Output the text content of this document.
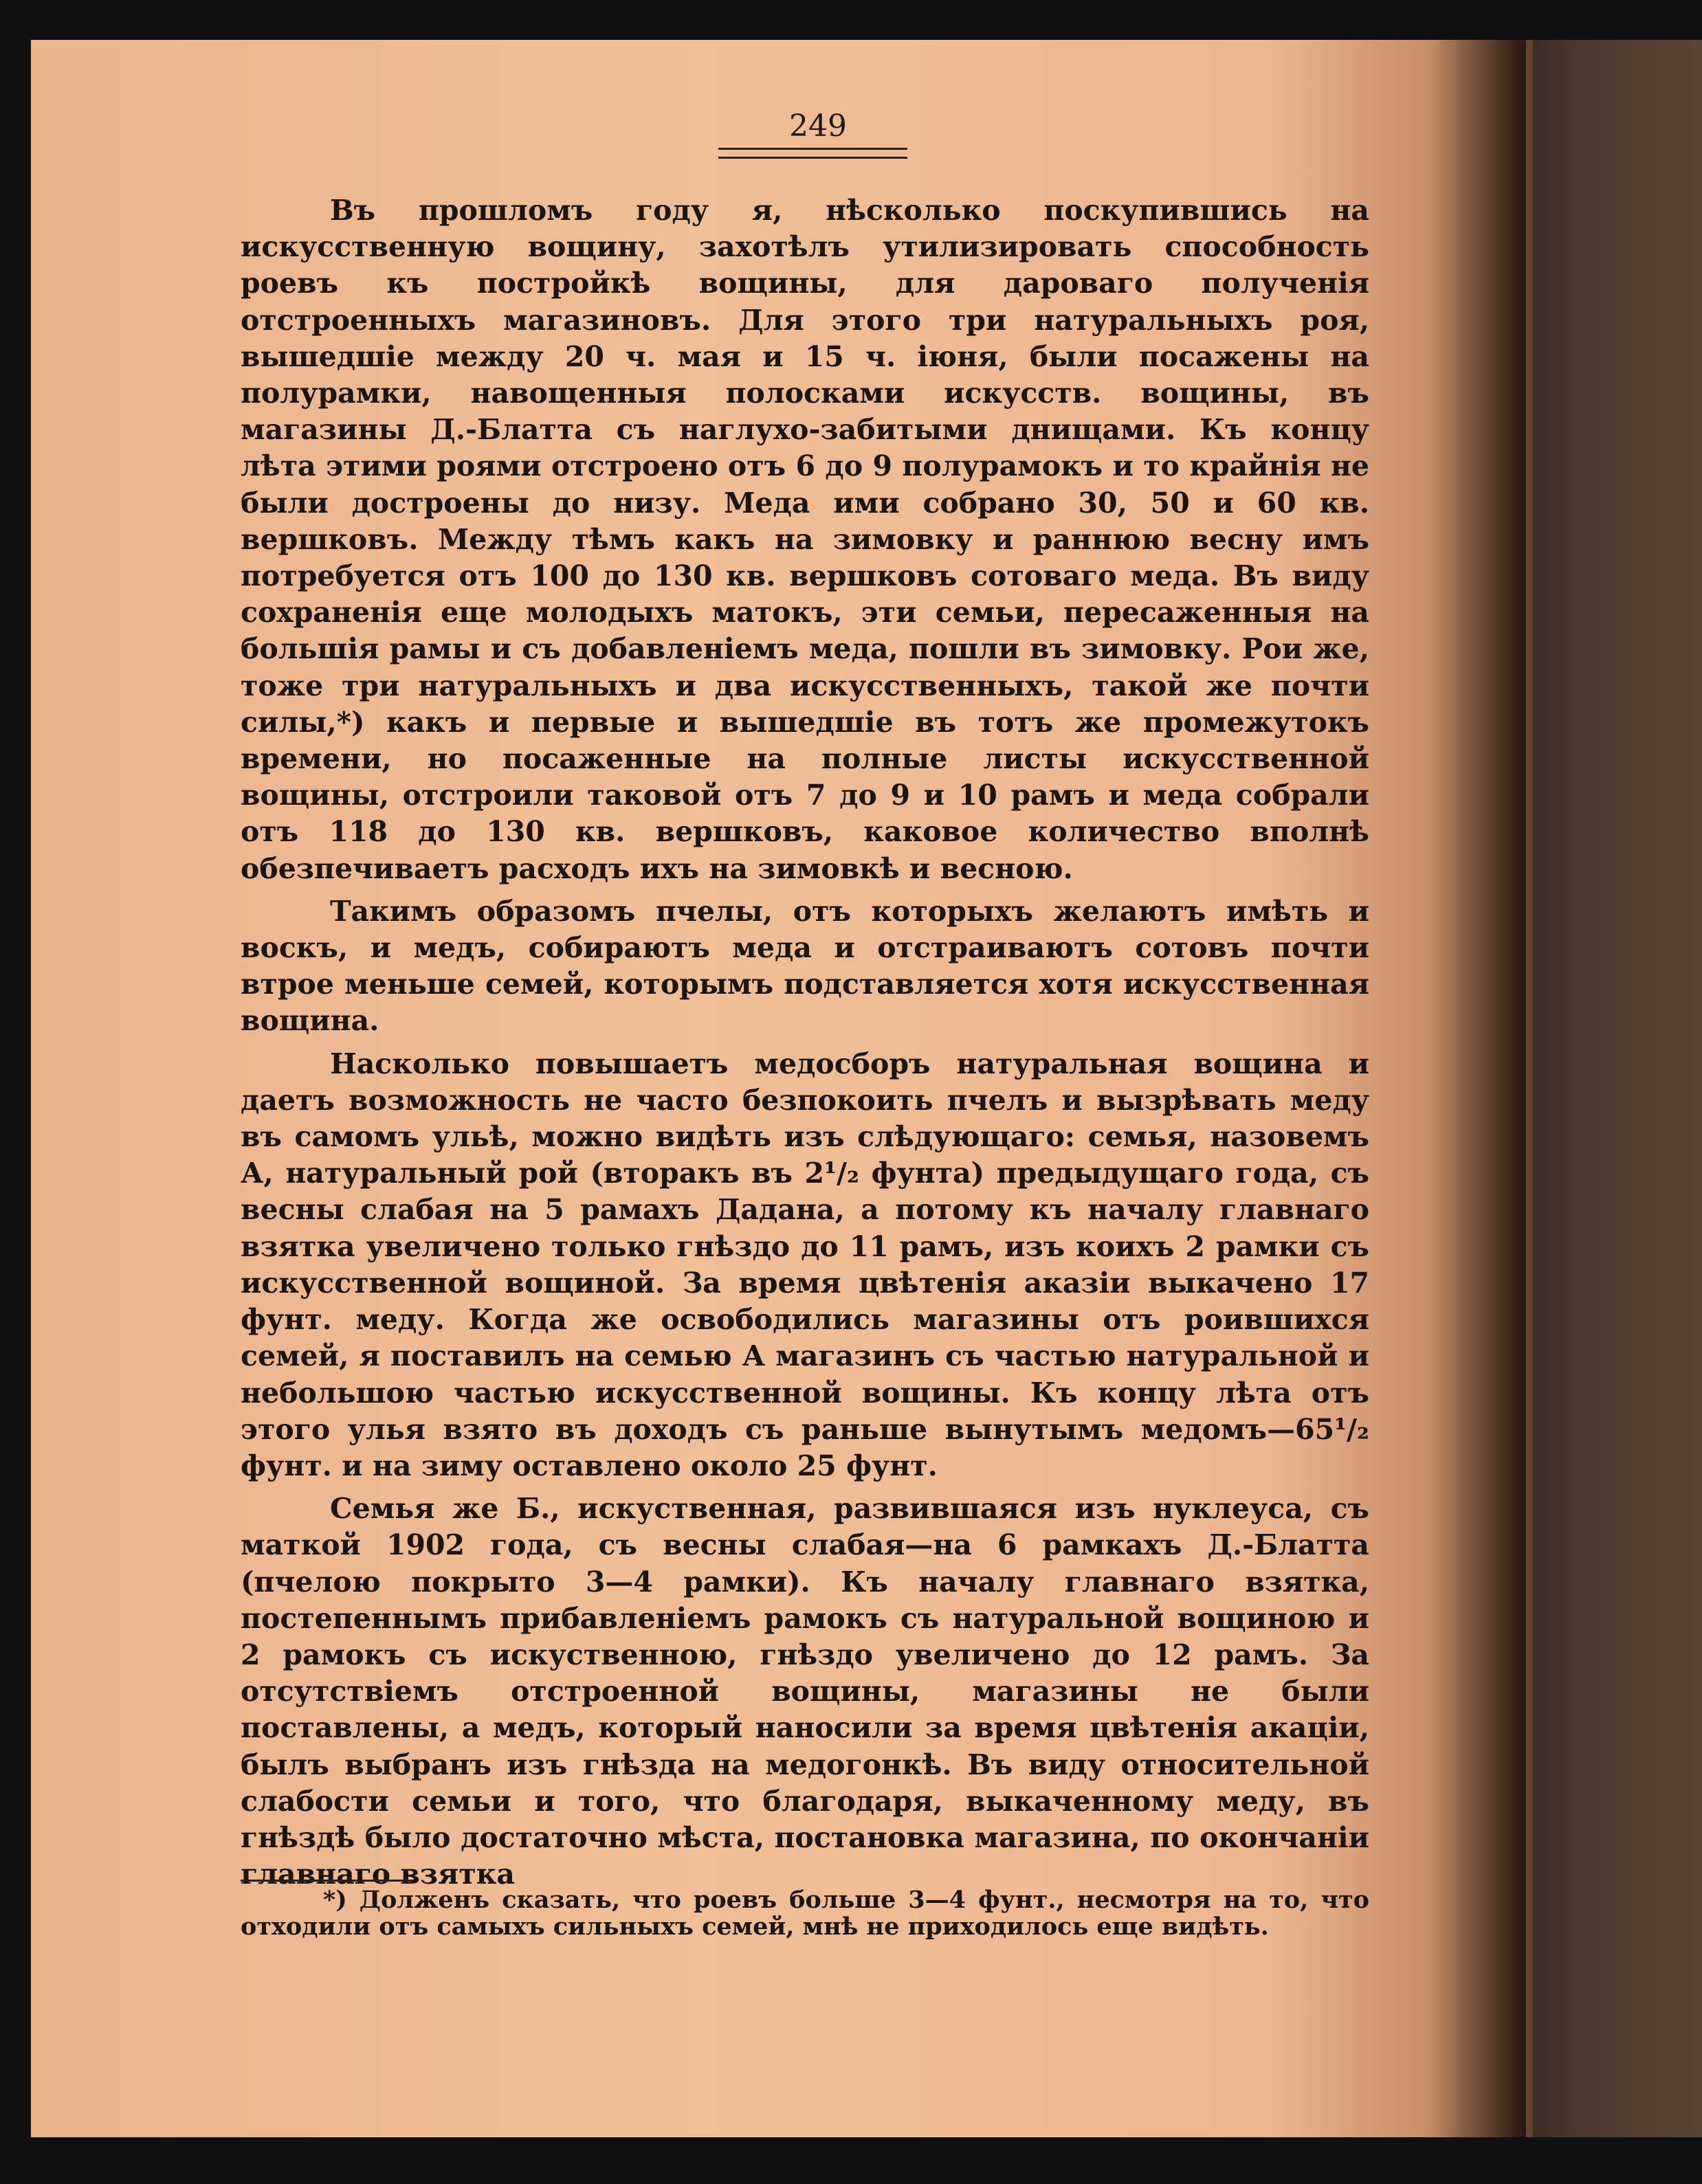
249

Въ прошломъ году я, нѣсколько поскупившись на искусственную вощину, захотѣлъ утилизировать способность роевъ къ постройкѣ вощины, для дароваго полученія отстроенныхъ магазиновъ. Для этого три натуральныхъ роя, вышедшіе между 20 ч. мая и 15 ч. іюня, были посажены на полурамки, навощенныя полосками искусств. вощины, въ магазины Д.-Блатта съ наглухо-забитыми днищами. Къ концу лѣта этими роями отстроено отъ 6 до 9 полурамокъ и то крайнія не были достроены до низу. Меда ими собрано 30, 50 и 60 кв. вершковъ. Между тѣмъ какъ на зимовку и раннюю весну имъ потребуется отъ 100 до 130 кв. вершковъ сотоваго меда. Въ виду сохраненія еще молодыхъ матокъ, эти семьи, пересаженныя на большія рамы и съ добавленіемъ меда, пошли въ зимовку. Рои же, тоже три натуральныхъ и два искусственныхъ, такой же почти силы,*) какъ и первые и вышедшіе въ тотъ же промежутокъ времени, но посаженные на полные листы искусственной вощины, отстроили таковой отъ 7 до 9 и 10 рамъ и меда собрали отъ 118 до 130 кв. вершковъ, каковое количество вполнѣ обезпечиваетъ расходъ ихъ на зимовкѣ и весною.

Такимъ образомъ пчелы, отъ которыхъ желаютъ имѣть и воскъ, и медъ, собираютъ меда и отстраиваютъ сотовъ почти втрое меньше семей, которымъ подставляется хотя искусственная вощина.

Насколько повышаетъ медосборъ натуральная вощина и даетъ возможность не часто безпокоить пчелъ и вызрѣвать меду въ самомъ ульѣ, можно видѣть изъ слѣдующаго: семья, назовемъ А, натуральный рой (вторакъ въ 2¹/₂ фунта) предыдущаго года, съ весны слабая на 5 рамахъ Дадана, а потому къ началу главнаго взятка увеличено только гнѣздо до 11 рамъ, изъ коихъ 2 рамки съ искусственной вощиной. За время цвѣтенія аказіи выкачено 17 фунт. меду. Когда же освободились магазины отъ роившихся семей, я поставилъ на семью А магазинъ съ частью натуральной и небольшою частью искусственной вощины. Къ концу лѣта отъ этого улья взято въ доходъ съ раньше вынутымъ медомъ—65¹/₂ фунт. и на зиму оставлено около 25 фунт.

Семья же Б., искуственная, развившаяся изъ нуклеуса, съ маткой 1902 года, съ весны слабая—на 6 рамкахъ Д.-Блатта (пчелою покрыто 3—4 рамки). Къ началу главнаго взятка, постепеннымъ прибавленіемъ рамокъ съ натуральной вощиною и 2 рамокъ съ искуственною, гнѣздо увеличено до 12 рамъ. За отсутствіемъ отстроенной вощины, магазины не были поставлены, а медъ, который наносили за время цвѣтенія акаціи, былъ выбранъ изъ гнѣзда на медогонкѣ. Въ виду относительной слабости семьи и того, что благодаря, выкаченному меду, въ гнѣздѣ было достаточно мѣста, постановка магазина, по окончаніи главнаго взятка

*) Долженъ сказать, что роевъ больше 3—4 фунт., несмотря на то, что отходили отъ самыхъ сильныхъ семей, мнѣ не приходилось еще видѣть.
